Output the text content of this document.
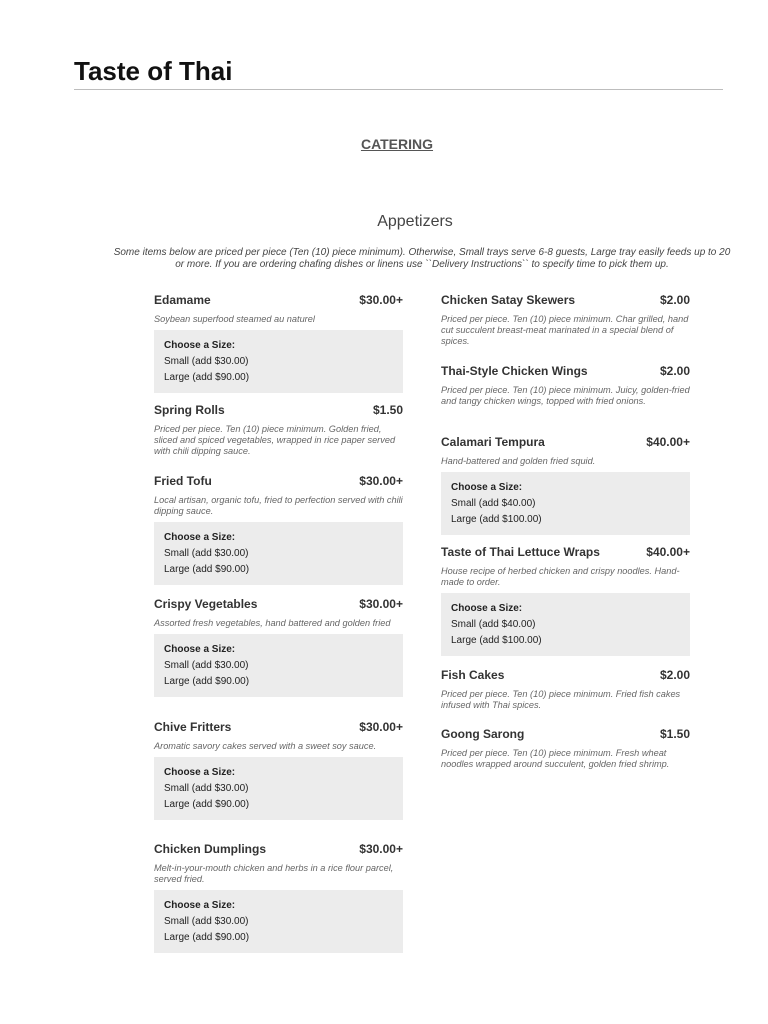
Taste of Thai
CATERING
Appetizers

Some items below are priced per piece (Ten (10) piece minimum). Otherwise, Small trays serve 6-8 guests, Large tray easily feeds up to 20 or more. If you are ordering chafing dishes or linens use ``Delivery Instructions`` to specify time to pick them up.

Edamame	$30.00+
Soybean superfood steamed au naturel
Choose a Size:
Small (add $30.00)
Large (add $90.00)
Spring Rolls	$1.50
Priced per piece. Ten (10) piece minimum. Golden fried, sliced and spiced vegetables, wrapped in rice paper served with chili dipping sauce.
Fried Tofu	$30.00+
Local artisan, organic tofu, fried to perfection served with chili dipping sauce.
Choose a Size:
Small (add $30.00)
Large (add $90.00)
Crispy Vegetables	$30.00+
Assorted fresh vegetables, hand battered and golden fried
Choose a Size:
Small (add $30.00)
Large (add $90.00)
Chive Fritters	$30.00+
Aromatic savory cakes served with a sweet soy sauce.
Choose a Size:
Small (add $30.00)
Large (add $90.00)
Chicken Dumplings	$30.00+
Melt-in-your-mouth chicken and herbs in a rice flour parcel, served fried.
Choose a Size:
Small (add $30.00)
Large (add $90.00)
Chicken Satay Skewers	$2.00
Priced per piece. Ten (10) piece minimum. Char grilled, hand cut succulent breast-meat marinated in a special blend of spices.
Thai-Style Chicken Wings	$2.00
Priced per piece. Ten (10) piece minimum. Juicy, golden-fried and tangy chicken wings, topped with fried onions.
Calamari Tempura	$40.00+
Hand-battered and golden fried squid.
Choose a Size:
Small (add $40.00)
Large (add $100.00)
Taste of Thai Lettuce Wraps	$40.00+
House recipe of herbed chicken and crispy noodles. Hand-made to order.
Choose a Size:
Small (add $40.00)
Large (add $100.00)
Fish Cakes	$2.00
Priced per piece. Ten (10) piece minimum. Fried fish cakes infused with Thai spices.
Goong Sarong	$1.50
Priced per piece. Ten (10) piece minimum. Fresh wheat noodles wrapped around succulent, golden fried shrimp.
